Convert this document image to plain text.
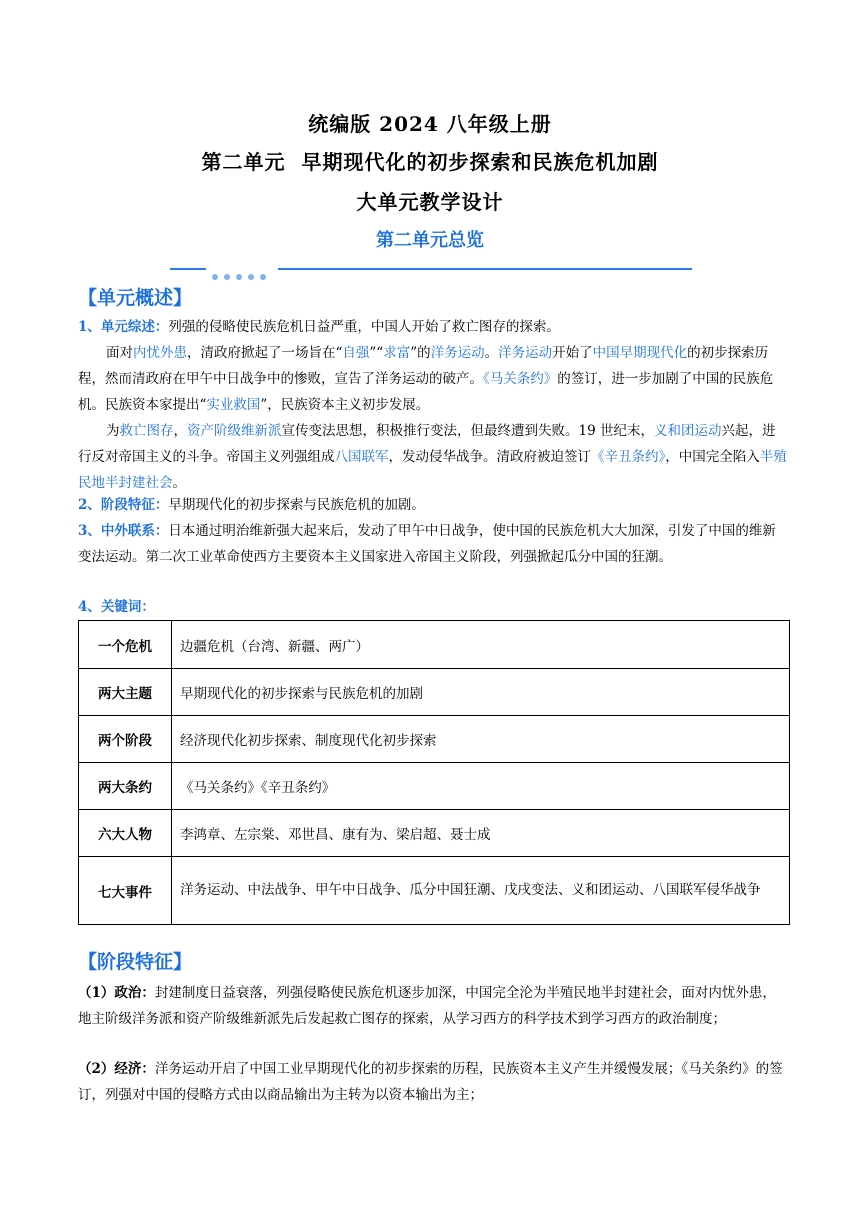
统编版 2024 八年级上册
第二单元  早期现代化的初步探索和民族危机加剧
大单元教学设计
第二单元总览
【单元概述】
1、单元综述：列强的侵略使民族危机日益严重，中国人开始了救亡图存的探索。
面对内忧外患，清政府掀起了一场旨在“自强”“求富”的洋务运动。洋务运动开始了中国早期现代化的初步探索历程，然而清政府在甲午中日战争中的惨败，宣告了洋务运动的破产。《马关条约》的签订，进一步加剧了中国的民族危机。民族资本家提出“实业救国”，民族资本主义初步发展。
为救亡图存，资产阶级维新派宣传变法思想，积极推行变法，但最终遭到失败。19 世纪末，义和团运动兴起，进行反对帝国主义的斗争。帝国主义列强组成八国联军，发动侵华战争。清政府被迫签订《辛丑条约》，中国完全陷入半殖民地半封建社会。
2、阶段特征：早期现代化的初步探索与民族危机的加剧。
3、中外联系：日本通过明治维新强大起来后，发动了甲午中日战争，使中国的民族危机大大加深，引发了中国的维新变法运动。第二次工业革命使西方主要资本主义国家进入帝国主义阶段，列强掀起瓜分中国的狂潮。
4、关键词：
一个危机	边疆危机（台湾、新疆、两广）
两大主题	早期现代化的初步探索与民族危机的加剧
两个阶段	经济现代化初步探索、制度现代化初步探索
两大条约	《马关条约》《辛丑条约》
六大人物	李鸿章、左宗棠、邓世昌、康有为、梁启超、聂士成
七大事件	洋务运动、中法战争、甲午中日战争、瓜分中国狂潮、戊戌变法、义和团运动、八国联军侵华战争
【阶段特征】
（1）政治：封建制度日益衰落，列强侵略使民族危机逐步加深，中国完全沦为半殖民地半封建社会，面对内忧外患，地主阶级洋务派和资产阶级维新派先后发起救亡图存的探索，从学习西方的科学技术到学习西方的政治制度；
（2）经济：洋务运动开启了中国工业早期现代化的初步探索的历程，民族资本主义产生并缓慢发展；《马关条约》的签订，列强对中国的侵略方式由以商品输出为主转为以资本输出为主；
